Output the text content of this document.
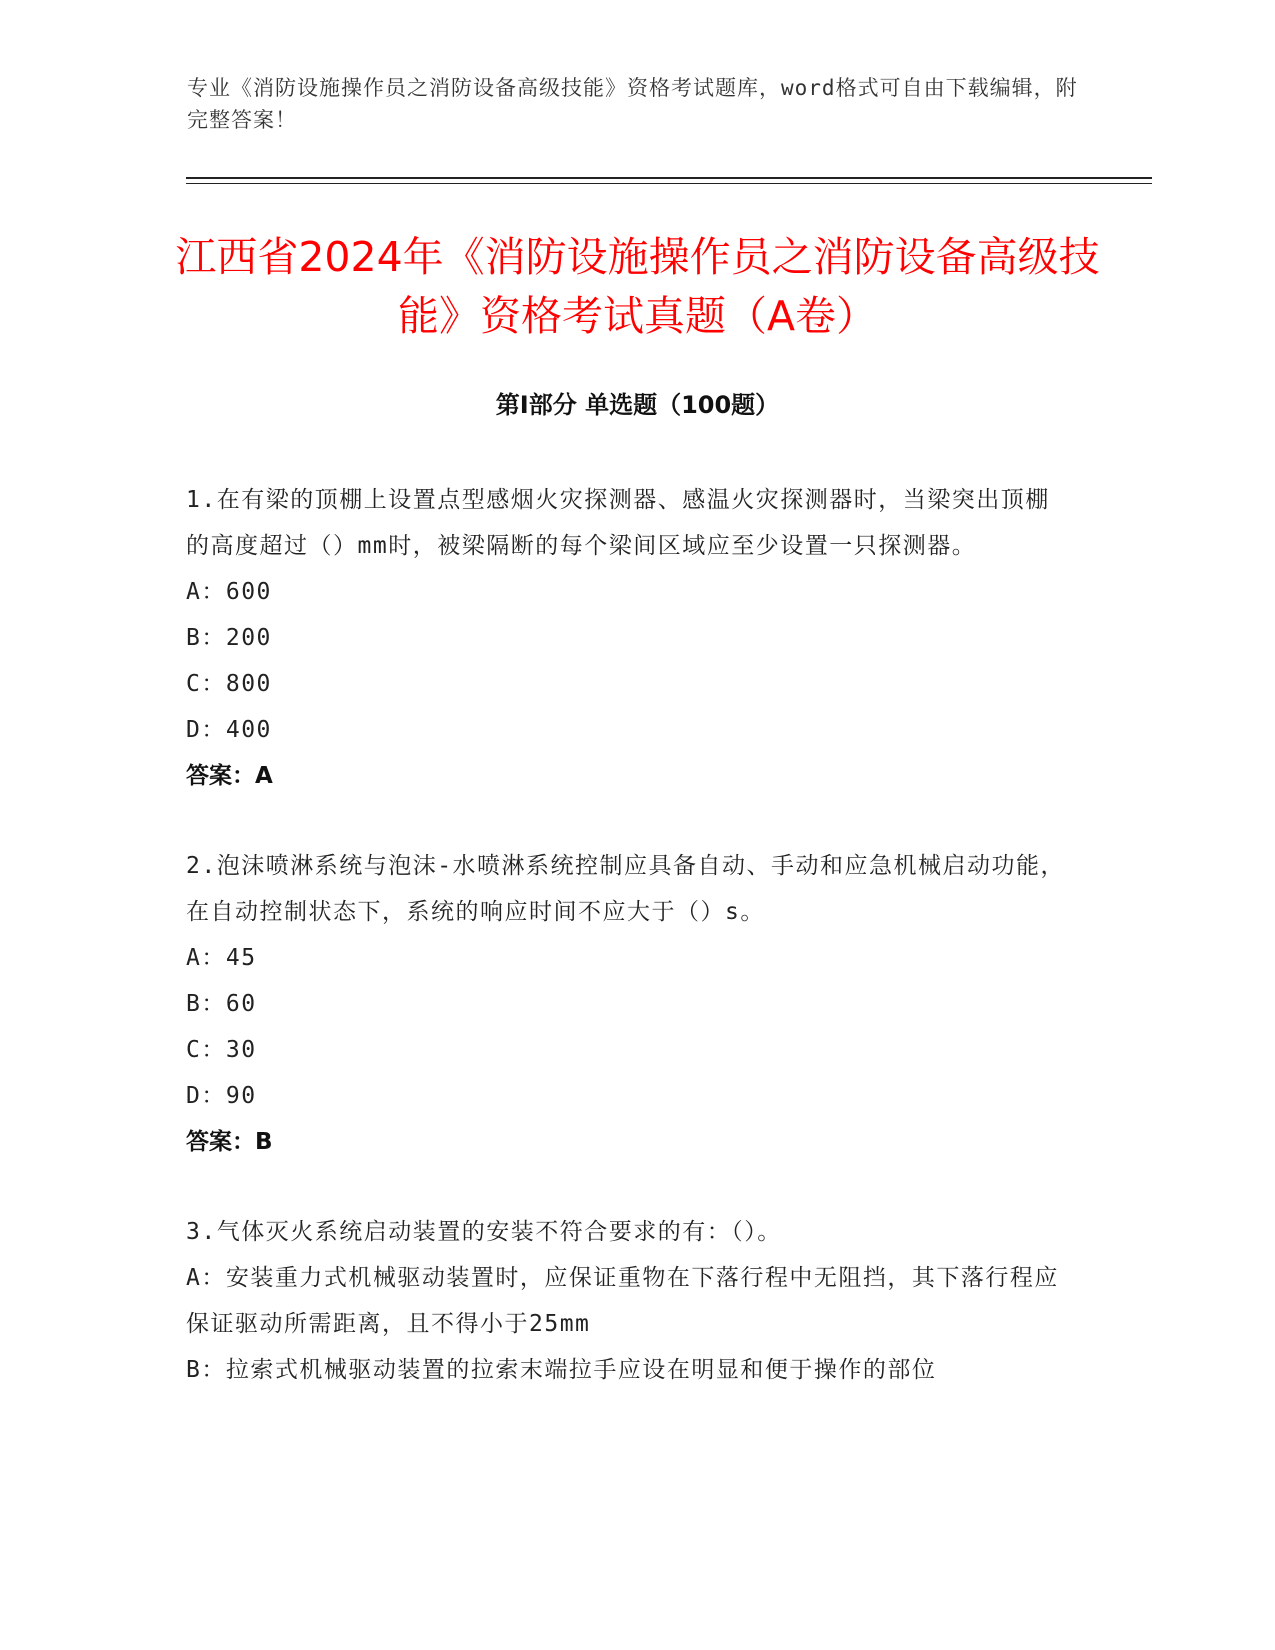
专业《消防设施操作员之消防设备高级技能》资格考试题库，word格式可自由下载编辑，附完整答案！
江西省2024年《消防设施操作员之消防设备高级技能》资格考试真题（A卷）
第I部分 单选题（100题）
1.在有梁的顶棚上设置点型感烟火灾探测器、感温火灾探测器时，当梁突出顶棚的高度超过（）mm时，被梁隔断的每个梁间区域应至少设置一只探测器。
A：600
B：200
C：800
D：400
答案：A
2.泡沫喷淋系统与泡沫-水喷淋系统控制应具备自动、手动和应急机械启动功能，在自动控制状态下，系统的响应时间不应大于（）s。
A：45
B：60
C：30
D：90
答案：B
3.气体灭火系统启动装置的安装不符合要求的有：（）。
A：安装重力式机械驱动装置时，应保证重物在下落行程中无阻挡，其下落行程应保证驱动所需距离，且不得小于25mm
B：拉索式机械驱动装置的拉索末端拉手应设在明显和便于操作的部位
